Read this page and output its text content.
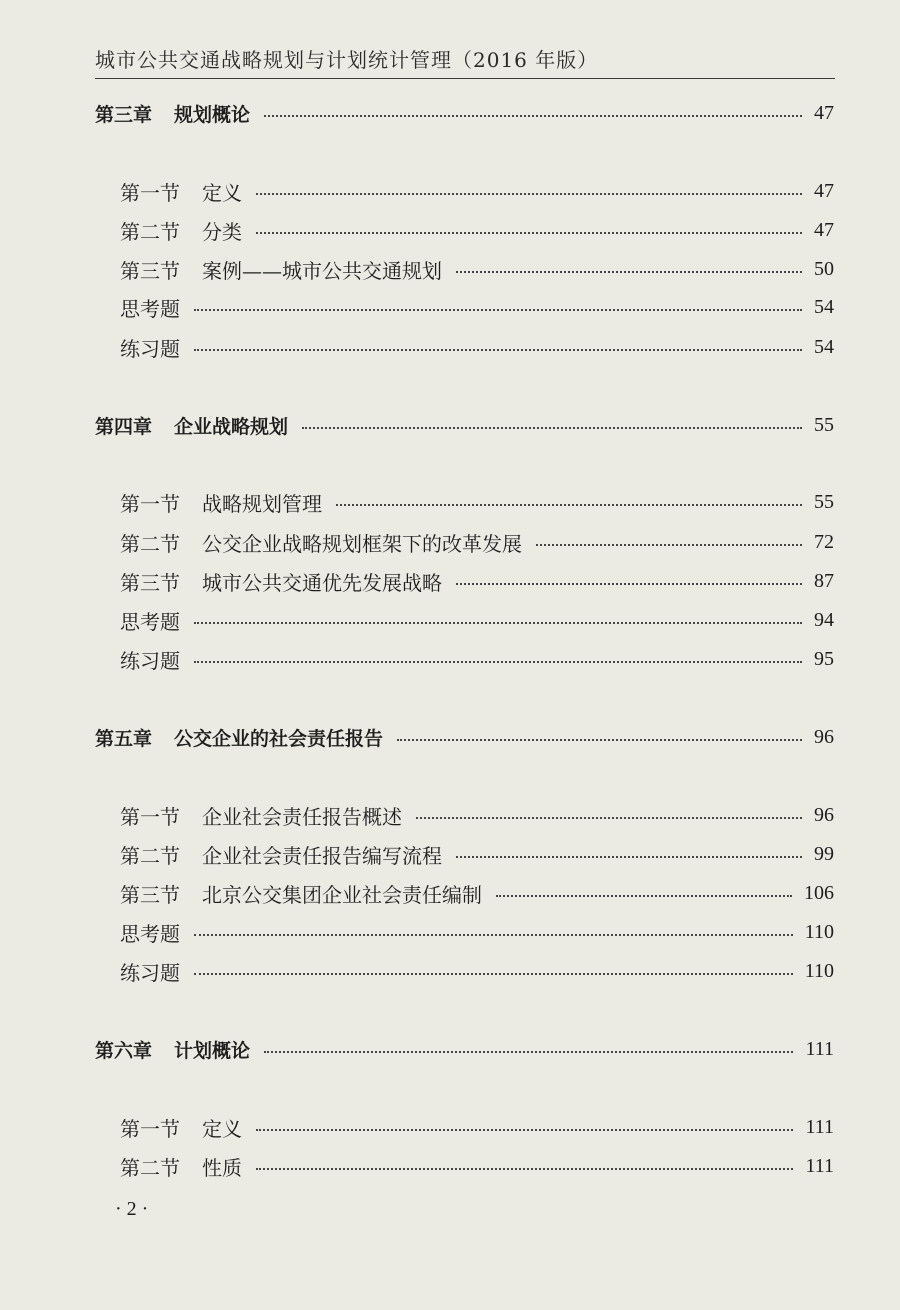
城市公共交通战略规划与计划统计管理（2016 年版）

第三章 规划概论	47
第一节 定义	47
第二节 分类	47
第三节 案例——城市公共交通规划	50
思考题	54
练习题	54
第四章 企业战略规划	55
第一节 战略规划管理	55
第二节 公交企业战略规划框架下的改革发展	72
第三节 城市公共交通优先发展战略	87
思考题	94
练习题	95
第五章 公交企业的社会责任报告	96
第一节 企业社会责任报告概述	96
第二节 企业社会责任报告编写流程	99
第三节 北京公交集团企业社会责任编制	106
思考题	110
练习题	110
第六章 计划概论	111
第一节 定义	111
第二节 性质	111
· 2 ·
